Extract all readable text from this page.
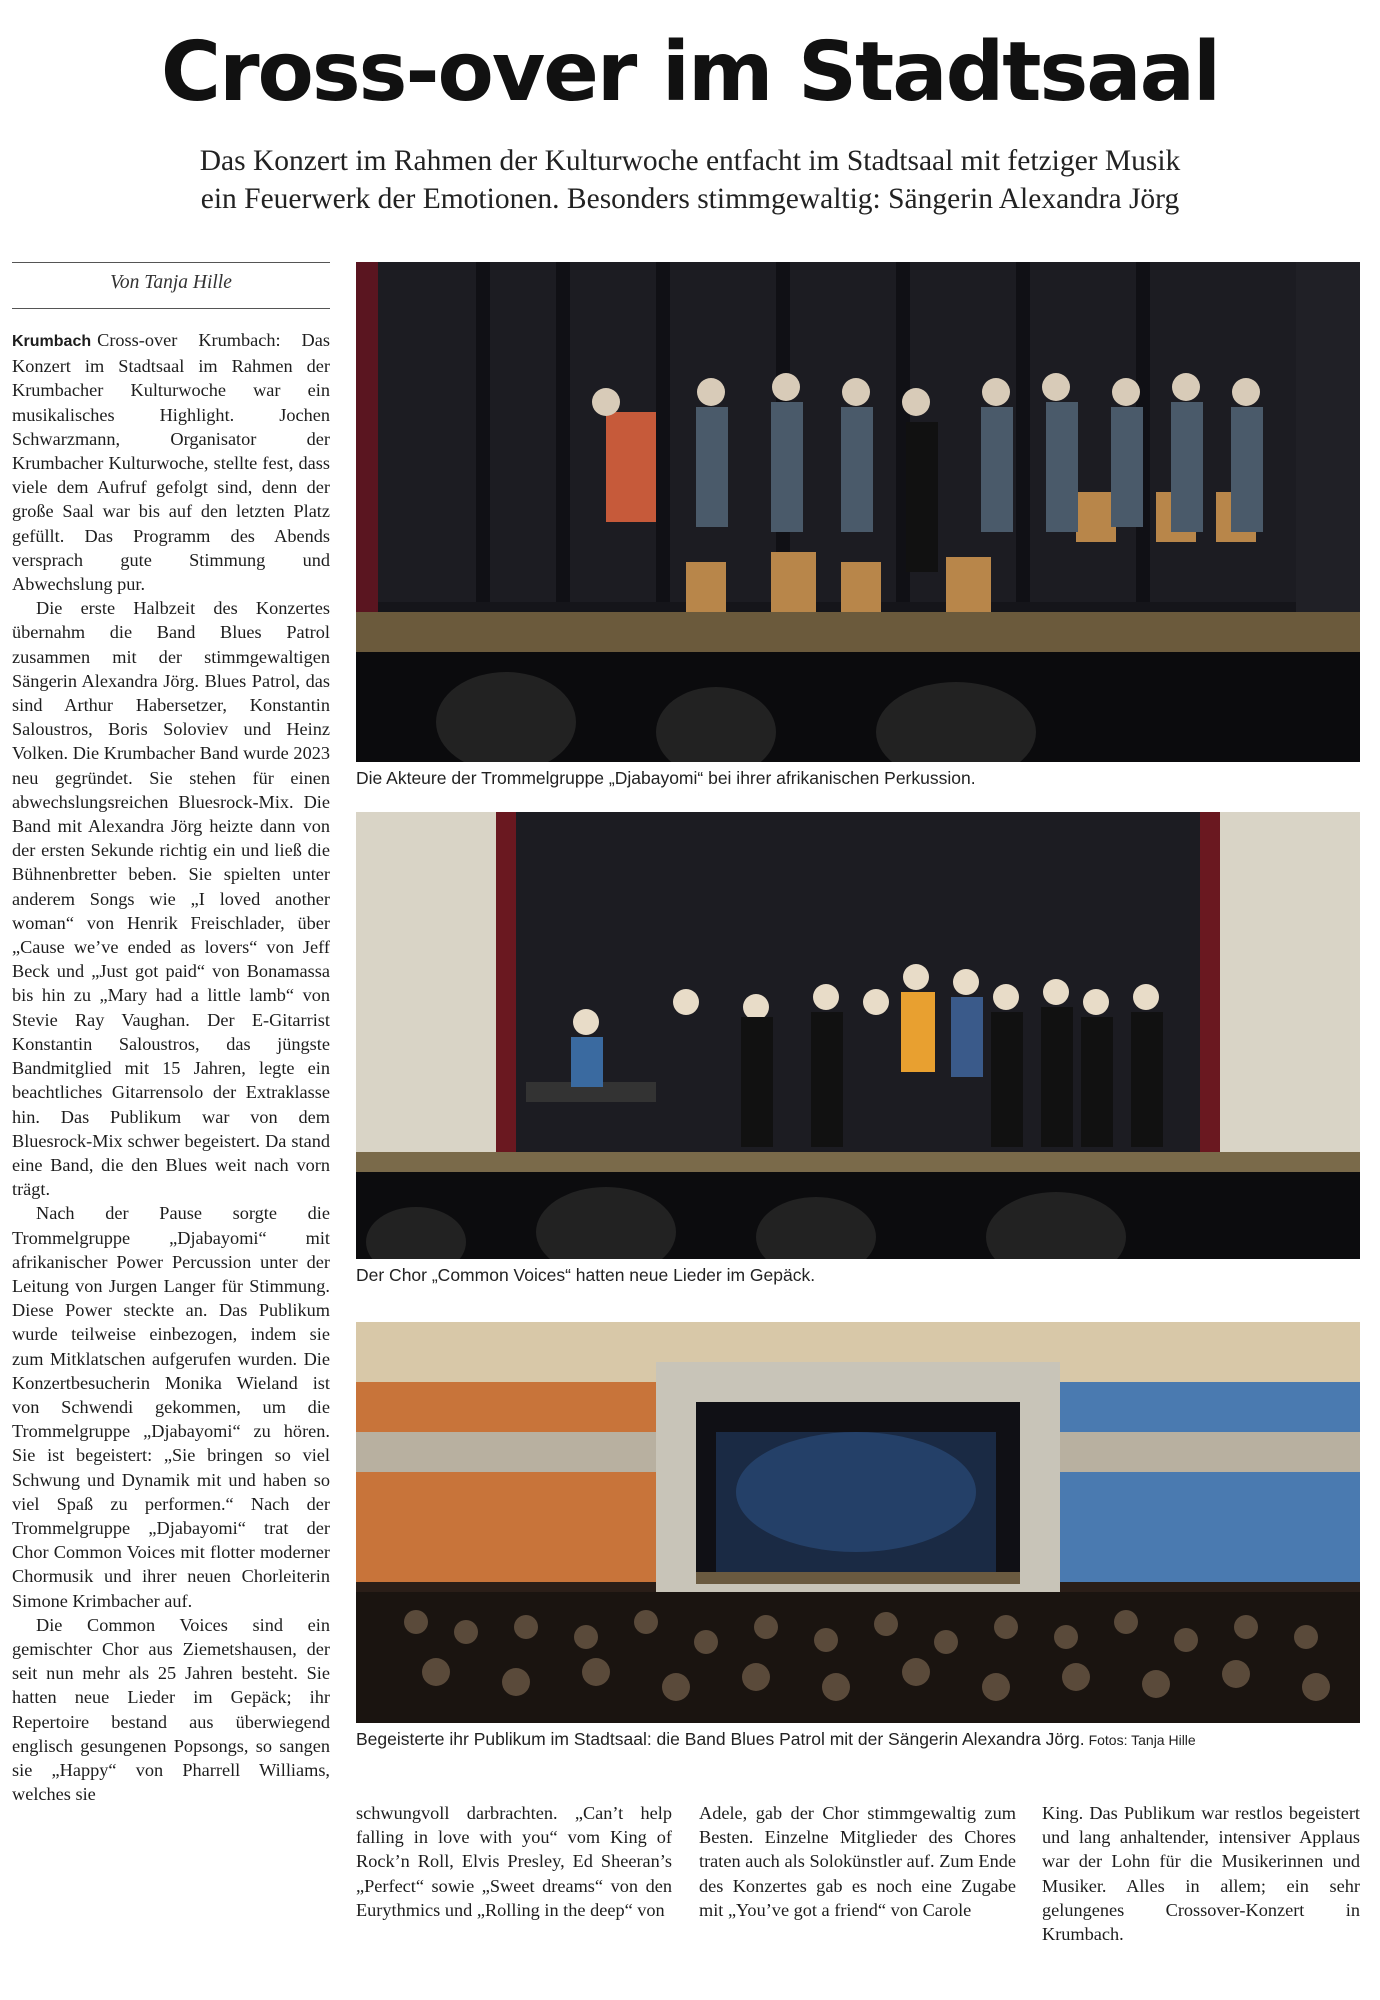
Cross-over im Stadtsaal
Das Konzert im Rahmen der Kulturwoche entfacht im Stadtsaal mit fetziger Musik
ein Feuerwerk der Emotionen. Besonders stimmgewaltig: Sängerin Alexandra Jörg
Von Tanja Hille

Krumbach Cross-over Krumbach: Das Konzert im Stadtsaal im Rahmen der Krumbacher Kulturwoche war ein musikalisches Highlight. Jochen Schwarzmann, Organisator der Krumbacher Kulturwoche, stellte fest, dass viele dem Aufruf gefolgt sind, denn der große Saal war bis auf den letzten Platz gefüllt. Das Programm des Abends versprach gute Stimmung und Abwechslung pur.

Die erste Halbzeit des Konzertes übernahm die Band Blues Patrol zusammen mit der stimmgewaltigen Sängerin Alexandra Jörg. Blues Patrol, das sind Arthur Habersetzer, Konstantin Saloustros, Boris Soloviev und Heinz Volken. Die Krumbacher Band wurde 2023 neu gegründet. Sie stehen für einen abwechslungsreichen Bluesrock-Mix. Die Band mit Alexandra Jörg heizte dann von der ersten Sekunde richtig ein und ließ die Bühnenbretter beben. Sie spielten unter anderem Songs wie „I loved another woman“ von Henrik Freischlader, über „Cause we’ve ended as lovers“ von Jeff Beck und „Just got paid“ von Bonamassa bis hin zu „Mary had a little lamb“ von Stevie Ray Vaughan. Der E-Gitarrist Konstantin Saloustros, das jüngste Bandmitglied mit 15 Jahren, legte ein beachtliches Gitarrensolo der Extraklasse hin. Das Publikum war von dem Bluesrock-Mix schwer begeistert. Da stand eine Band, die den Blues weit nach vorn trägt.

Nach der Pause sorgte die Trommelgruppe „Djabayomi“ mit afrikanischer Power Percussion unter der Leitung von Jurgen Langer für Stimmung. Diese Power steckte an. Das Publikum wurde teilweise einbezogen, indem sie zum Mitklatschen aufgerufen wurden. Die Konzertbesucherin Monika Wieland ist von Schwendi gekommen, um die Trommelgruppe „Djabayomi“ zu hören. Sie ist begeistert: „Sie bringen so viel Schwung und Dynamik mit und haben so viel Spaß zu performen.“ Nach der Trommelgruppe „Djabayomi“ trat der Chor Common Voices mit flotter moderner Chormusik und ihrer neuen Chorleiterin Simone Krimbacher auf.

Die Common Voices sind ein gemischter Chor aus Ziemetshausen, der seit nun mehr als 25 Jahren besteht. Sie hatten neue Lieder im Gepäck; ihr Repertoire bestand aus überwiegend englisch gesungenen Popsongs, so sangen sie „Happy“ von Pharrell Williams, welches sie

Die Akteure der Trommelgruppe „Djabayomi“ bei ihrer afrikanischen Perkussion.
Der Chor „Common Voices“ hatten neue Lieder im Gepäck.
Begeisterte ihr Publikum im Stadtsaal: die Band Blues Patrol mit der Sängerin Alexandra Jörg. Fotos: Tanja Hille

schwungvoll darbrachten. „Can’t help falling in love with you“ vom King of Rock’n Roll, Elvis Presley, Ed Sheeran’s „Perfect“ sowie „Sweet dreams“ von den Eurythmics und „Rolling in the deep“ von

Adele, gab der Chor stimmgewaltig zum Besten. Einzelne Mitglieder des Chores traten auch als Solokünstler auf. Zum Ende des Konzertes gab es noch eine Zugabe mit „You’ve got a friend“ von Carole

King. Das Publikum war restlos begeistert und lang anhaltender, intensiver Applaus war der Lohn für die Musikerinnen und Musiker. Alles in allem; ein sehr gelungenes Crossover-Konzert in Krumbach.
